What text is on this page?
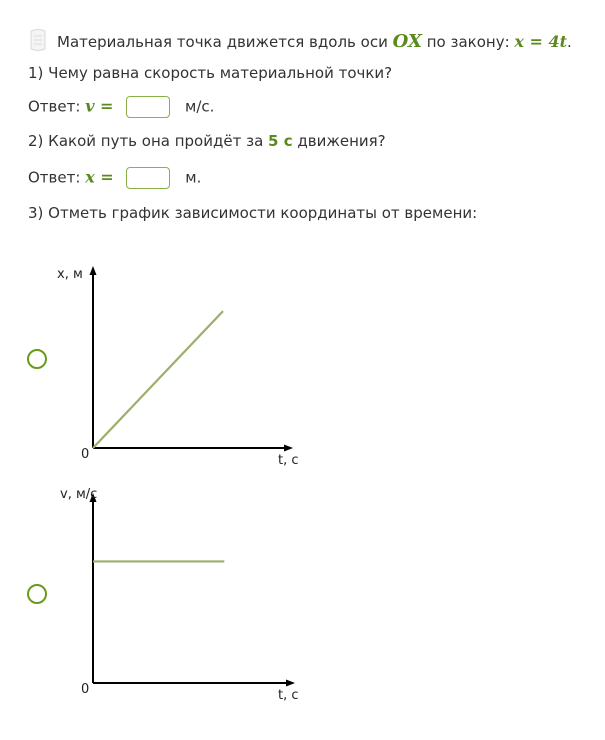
Материальная точка движется вдоль оси OX по закону: x = 4t.
1) Чему равна скорость материальной точки?
Ответ: v =	м/с.
2) Какой путь она пройдёт за 5 с движения?
Ответ: x =	м.
3) Отметь график зависимости координаты от времени:
x, м
t, c
0
v, м/с
t, c
0
